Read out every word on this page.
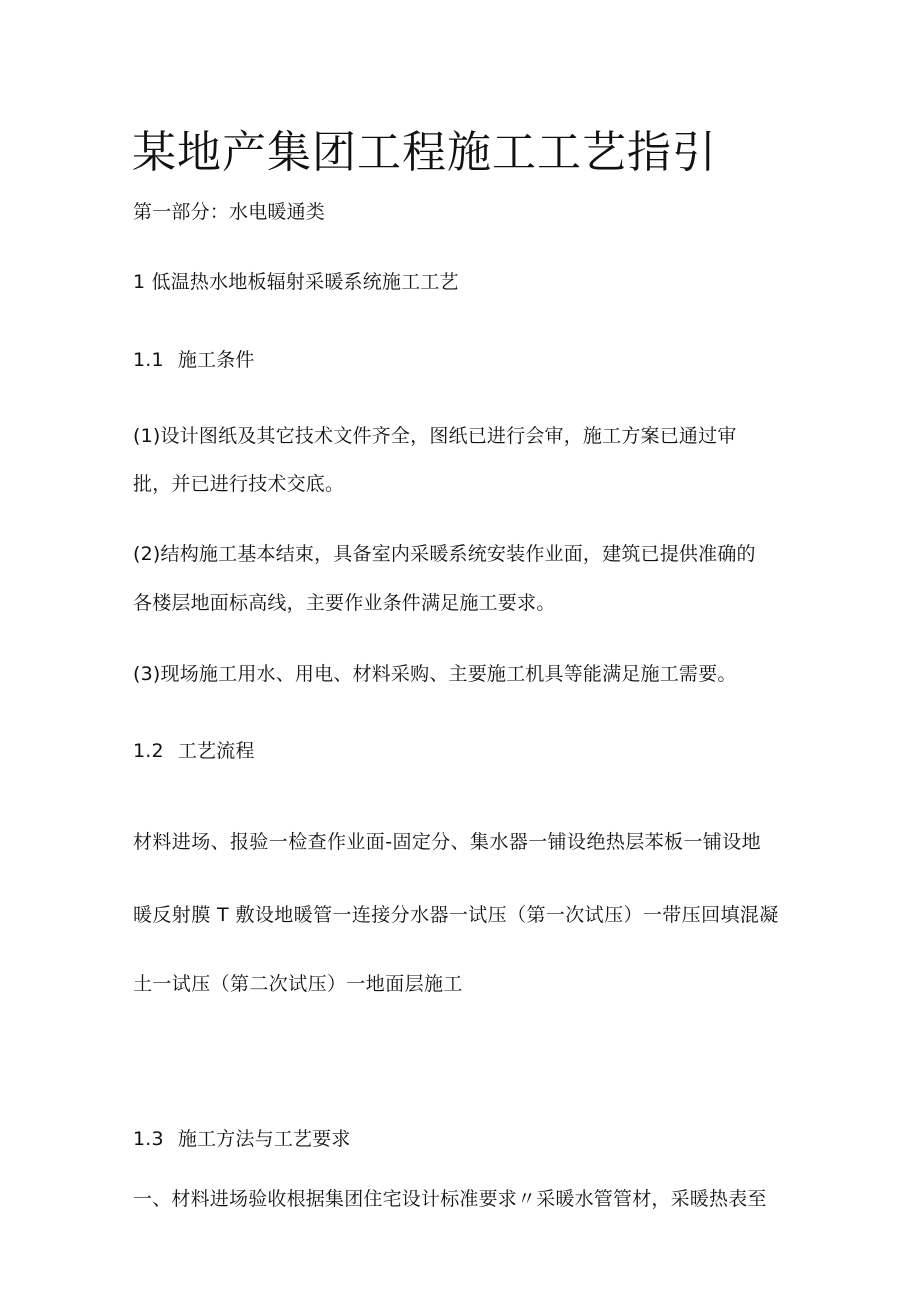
某地产集团工程施工工艺指引
第一部分：水电暖通类
1 低温热水地板辐射采暖系统施工工艺
1.1 施工条件
(1)设计图纸及其它技术文件齐全，图纸已进行会审，施工方案已通过审
批，并已进行技术交底。
(2)结构施工基本结束，具备室内采暖系统安装作业面，建筑已提供准确的
各楼层地面标高线，主要作业条件满足施工要求。
(3)现场施工用水、用电、材料采购、主要施工机具等能满足施工需要。
1.2 工艺流程
材料进场、报验一检查作业面-固定分、集水器一铺设绝热层苯板一铺设地
暖反射膜 T 敷设地暖管一连接分水器一试压（第一次试压）一带压回填混凝
土一试压（第二次试压）一地面层施工
1.3 施工方法与工艺要求
一、材料进场验收根据集团住宅设计标准要求〃采暖水管管材，采暖热表至
